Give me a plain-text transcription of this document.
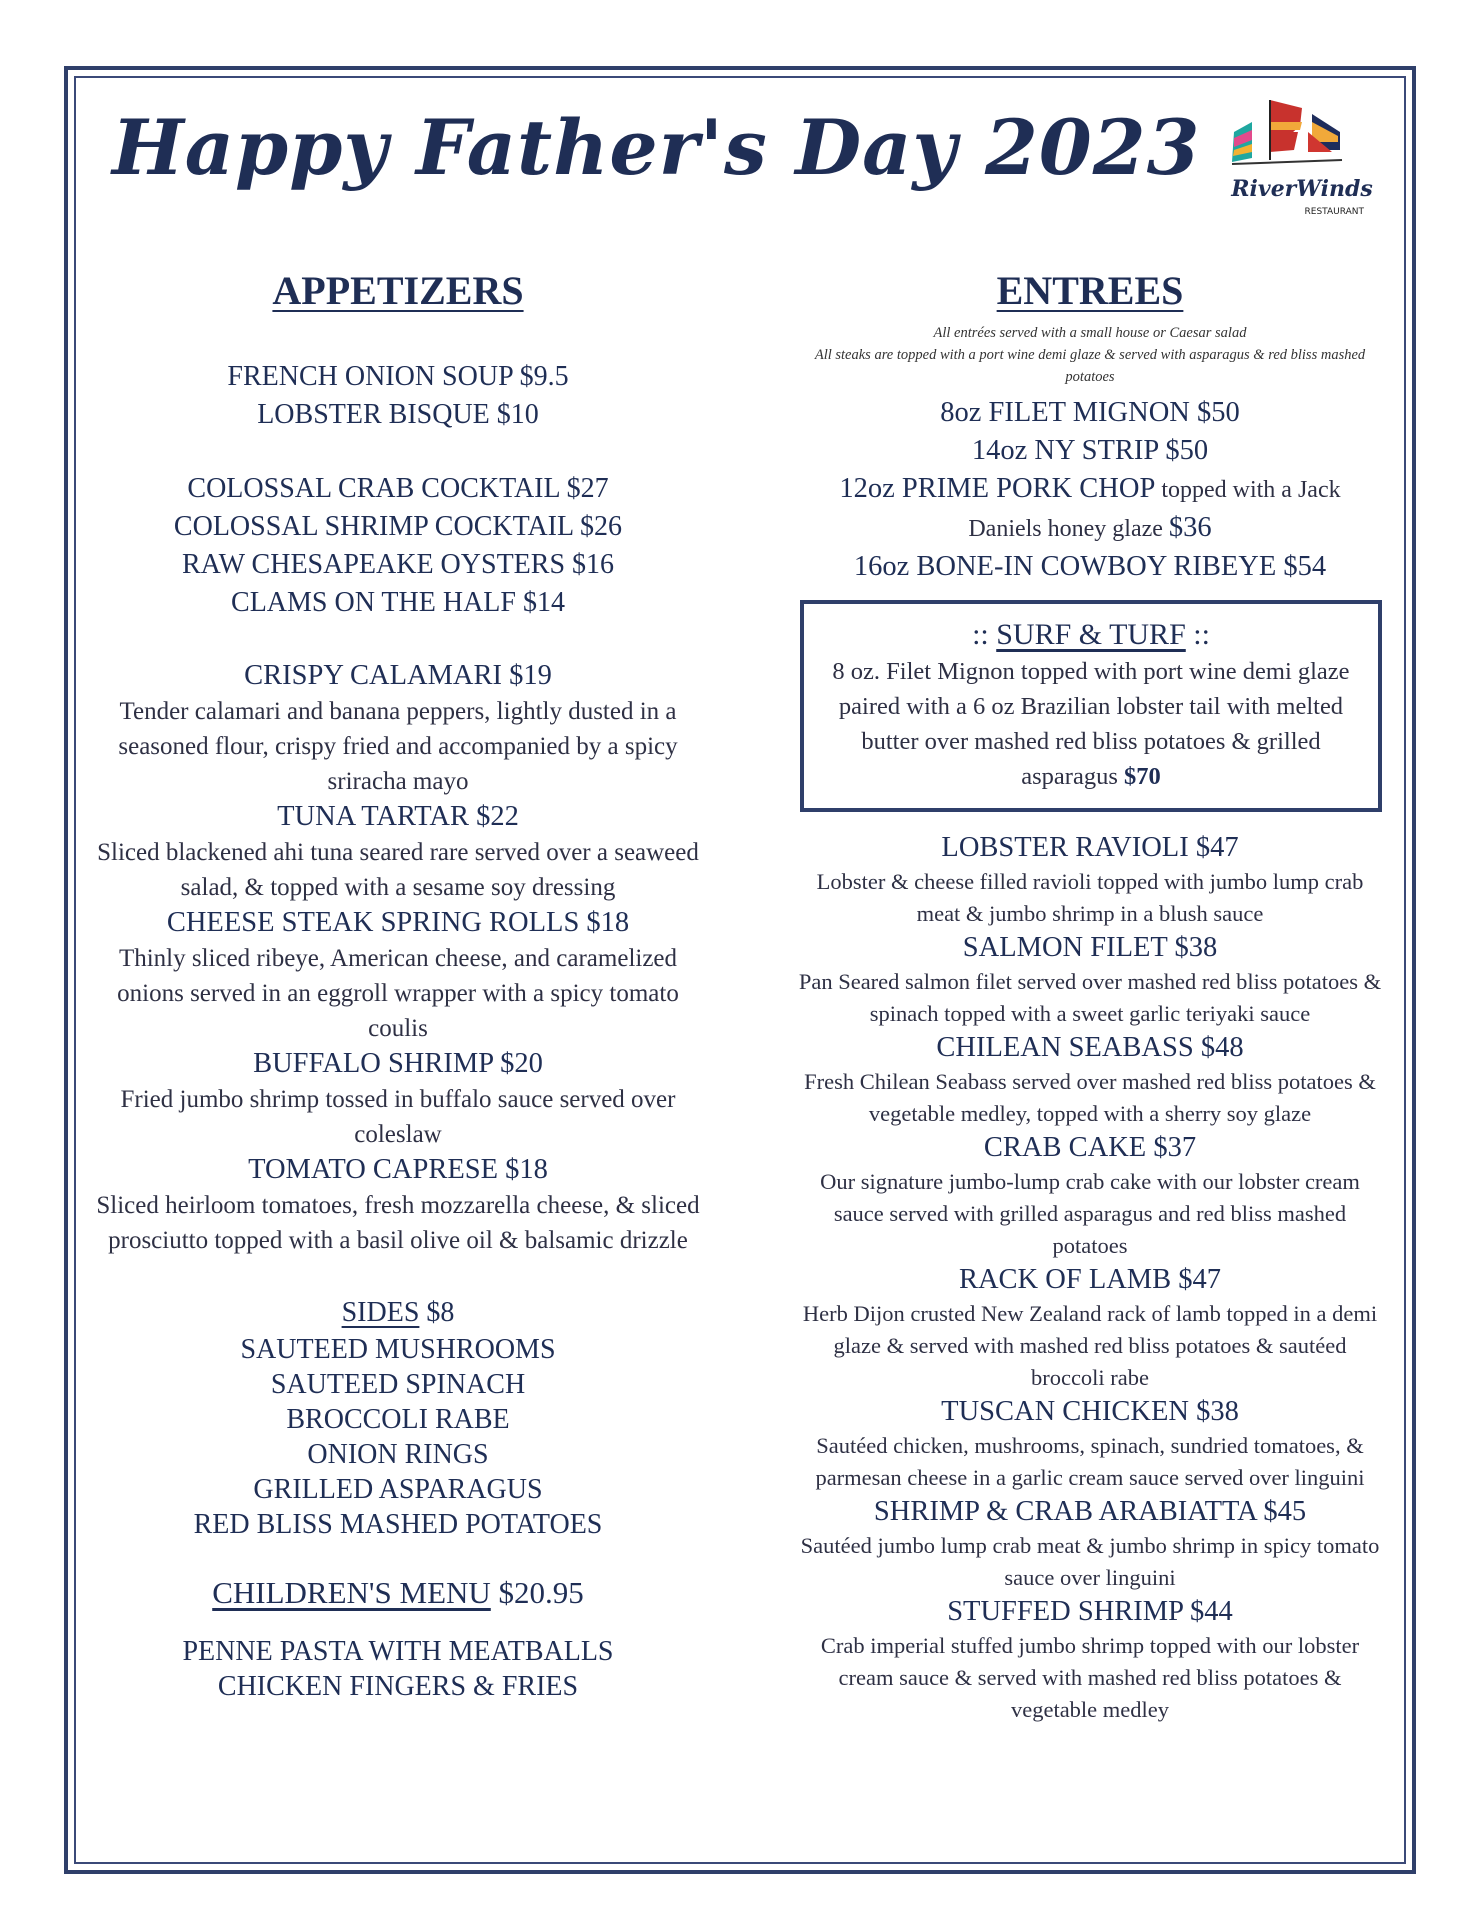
Happy Father's Day 2023 RiverWinds
RESTAURANT
APPETIZERS
FRENCH ONION SOUP $9.5
LOBSTER BISQUE $10
COLOSSAL CRAB COCKTAIL $27
COLOSSAL SHRIMP COCKTAIL $26
RAW CHESAPEAKE OYSTERS $16
CLAMS ON THE HALF $14
CRISPY CALAMARI $19
Tender calamari and banana peppers, lightly dusted in a seasoned flour, crispy fried and accompanied by a spicy sriracha mayo
TUNA TARTAR $22
Sliced blackened ahi tuna seared rare served over a seaweed salad, & topped with a sesame soy dressing
CHEESE STEAK SPRING ROLLS $18
Thinly sliced ribeye, American cheese, and caramelized onions served in an eggroll wrapper with a spicy tomato coulis
BUFFALO SHRIMP $20
Fried jumbo shrimp tossed in buffalo sauce served over coleslaw
TOMATO CAPRESE $18
Sliced heirloom tomatoes, fresh mozzarella cheese, & sliced prosciutto topped with a basil olive oil & balsamic drizzle
SIDES $8
SAUTEED MUSHROOMS
SAUTEED SPINACH
BROCCOLI RABE
ONION RINGS
GRILLED ASPARAGUS
RED BLISS MASHED POTATOES
CHILDREN'S MENU $20.95
PENNE PASTA WITH MEATBALLS
CHICKEN FINGERS & FRIES
ENTREES
All entrées served with a small house or Caesar salad
All steaks are topped with a port wine demi glaze & served with asparagus & red bliss mashed potatoes
8oz FILET MIGNON $50
14oz NY STRIP $50
12oz PRIME PORK CHOP topped with a Jack
Daniels honey glaze $36
16oz BONE-IN COWBOY RIBEYE $54
:: SURF & TURF ::
8 oz. Filet Mignon topped with port wine demi glaze paired with a 6 oz Brazilian lobster tail with melted butter over mashed red bliss potatoes & grilled asparagus $70
LOBSTER RAVIOLI $47
Lobster & cheese filled ravioli topped with jumbo lump crab meat & jumbo shrimp in a blush sauce
SALMON FILET $38
Pan Seared salmon filet served over mashed red bliss potatoes & spinach topped with a sweet garlic teriyaki sauce
CHILEAN SEABASS $48
Fresh Chilean Seabass served over mashed red bliss potatoes & vegetable medley, topped with a sherry soy glaze
CRAB CAKE $37
Our signature jumbo-lump crab cake with our lobster cream sauce served with grilled asparagus and red bliss mashed potatoes
RACK OF LAMB $47
Herb Dijon crusted New Zealand rack of lamb topped in a demi glaze & served with mashed red bliss potatoes & sautéed broccoli rabe
TUSCAN CHICKEN $38
Sautéed chicken, mushrooms, spinach, sundried tomatoes, & parmesan cheese in a garlic cream sauce served over linguini
SHRIMP & CRAB ARABIATTA $45
Sautéed jumbo lump crab meat & jumbo shrimp in spicy tomato sauce over linguini
STUFFED SHRIMP $44
Crab imperial stuffed jumbo shrimp topped with our lobster cream sauce & served with mashed red bliss potatoes & vegetable medley
